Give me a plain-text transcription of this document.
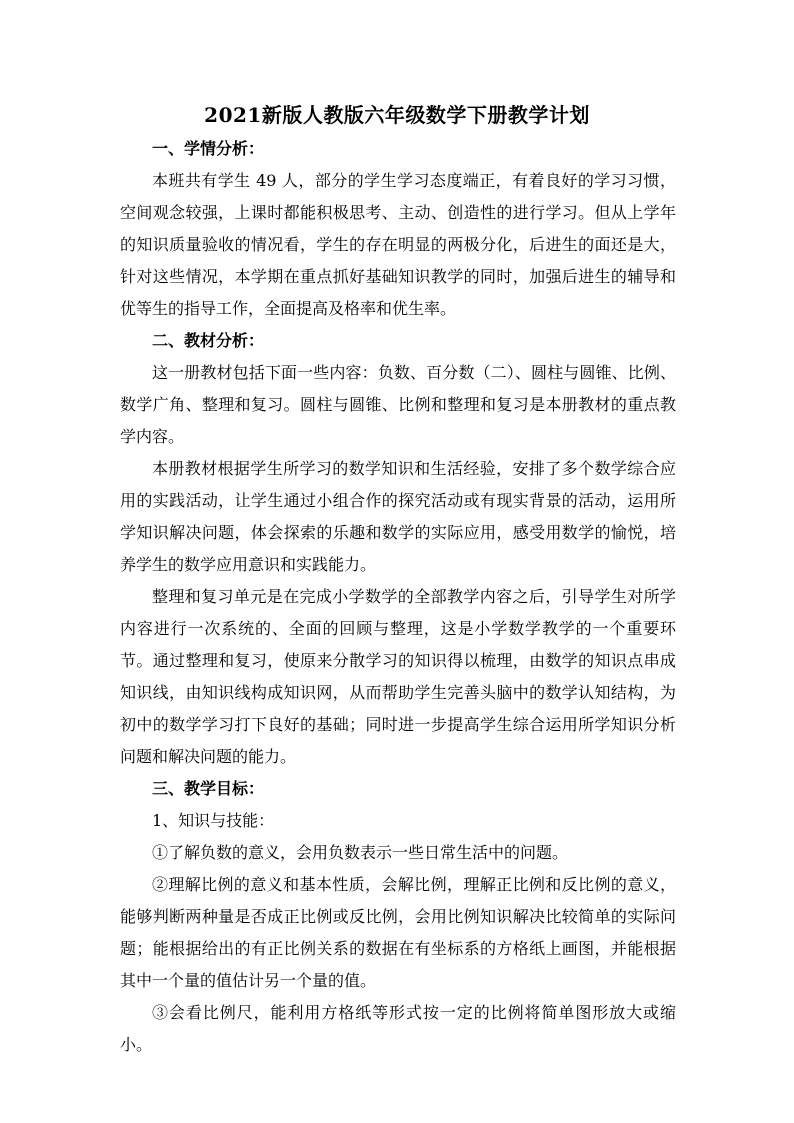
2021新版人教版六年级数学下册教学计划

一、学情分析：

本班共有学生 49 人，部分的学生学习态度端正，有着良好的学习习惯，空间观念较强，上课时都能积极思考、主动、创造性的进行学习。但从上学年的知识质量验收的情况看，学生的存在明显的两极分化，后进生的面还是大，针对这些情况，本学期在重点抓好基础知识教学的同时，加强后进生的辅导和优等生的指导工作，全面提高及格率和优生率。

二、教材分析：

这一册教材包括下面一些内容：负数、百分数（二）、圆柱与圆锥、比例、数学广角、整理和复习。圆柱与圆锥、比例和整理和复习是本册教材的重点教学内容。

本册教材根据学生所学习的数学知识和生活经验，安排了多个数学综合应用的实践活动，让学生通过小组合作的探究活动或有现实背景的活动，运用所学知识解决问题，体会探索的乐趣和数学的实际应用，感受用数学的愉悦，培养学生的数学应用意识和实践能力。

整理和复习单元是在完成小学数学的全部教学内容之后，引导学生对所学内容进行一次系统的、全面的回顾与整理，这是小学数学教学的一个重要环节。通过整理和复习，使原来分散学习的知识得以梳理，由数学的知识点串成知识线，由知识线构成知识网，从而帮助学生完善头脑中的数学认知结构，为初中的数学学习打下良好的基础；同时进一步提高学生综合运用所学知识分析问题和解决问题的能力。

三、教学目标：

1、知识与技能：

①了解负数的意义，会用负数表示一些日常生活中的问题。

②理解比例的意义和基本性质，会解比例，理解正比例和反比例的意义，能够判断两种量是否成正比例或反比例，会用比例知识解决比较简单的实际问题；能根据给出的有正比例关系的数据在有坐标系的方格纸上画图，并能根据其中一个量的值估计另一个量的值。

③会看比例尺，能利用方格纸等形式按一定的比例将简单图形放大或缩小。
